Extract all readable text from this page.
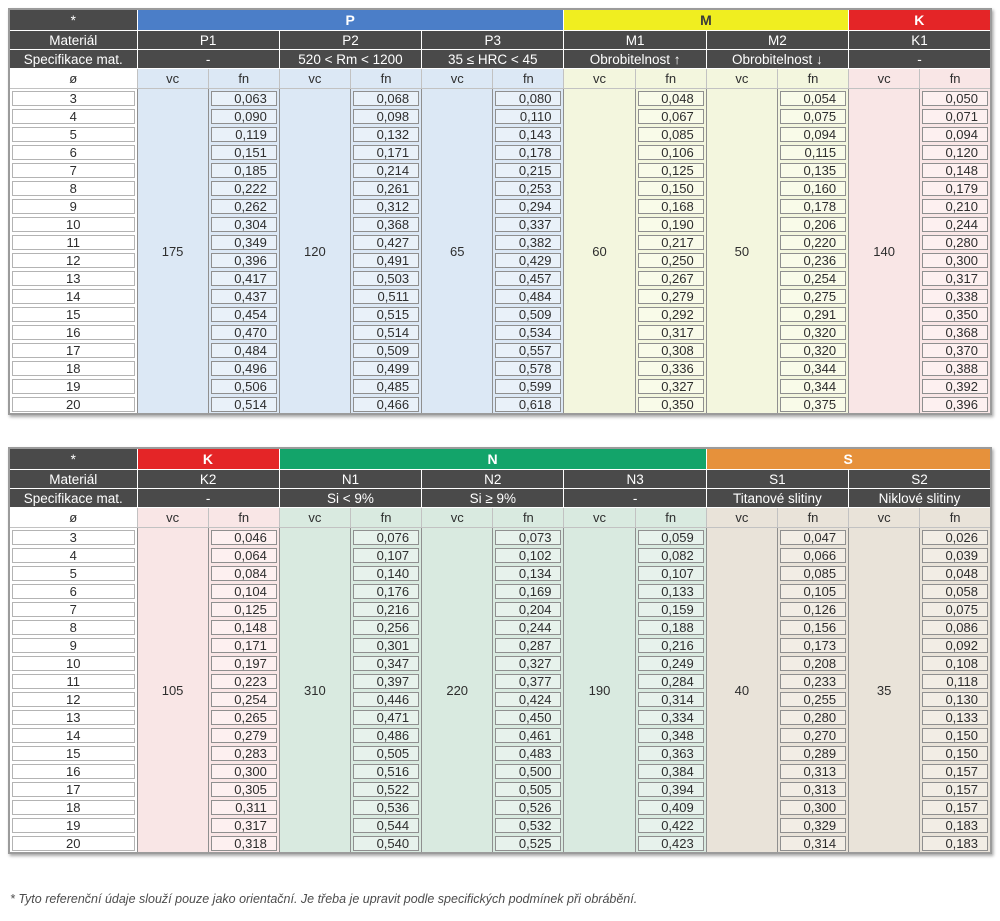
*	P						M				K	
Materiál	P1		P2		P3		M1		M2		K1	
Specifikace mat.	-		520 < Rm < 1200		35 ≤ HRC < 45		Obrobitelnost ↑		Obrobitelnost ↓		-	
ø	vc	fn	vc	fn	vc	fn	vc	fn	vc	fn	vc	fn

3	175	0,063	120	0,068	65	0,080	60	0,048	50	0,054	140	0,050

4		0,090		0,098		0,110		0,067		0,075		0,071

5		0,119		0,132		0,143		0,085		0,094		0,094

6		0,151		0,171		0,178		0,106		0,115		0,120

7		0,185		0,214		0,215		0,125		0,135		0,148

8		0,222		0,261		0,253		0,150		0,160		0,179

9		0,262		0,312		0,294		0,168		0,178		0,210

10		0,304		0,368		0,337		0,190		0,206		0,244

11		0,349		0,427		0,382		0,217		0,220		0,280

12		0,396		0,491		0,429		0,250		0,236		0,300

13		0,417		0,503		0,457		0,267		0,254		0,317

14		0,437		0,511		0,484		0,279		0,275		0,338

15		0,454		0,515		0,509		0,292		0,291		0,350

16		0,470		0,514		0,534		0,317		0,320		0,368

17		0,484		0,509		0,557		0,308		0,320		0,370

18		0,496		0,499		0,578		0,336		0,344		0,388

19		0,506		0,485		0,599		0,327		0,344		0,392

20		0,514		0,466		0,618		0,350		0,375		0,396
*	K		N						S			
Materiál	K2		N1		N2		N3		S1		S2	
Specifikace mat.	-		Si < 9%		Si ≥ 9%		-		Titanové slitiny		Niklové slitiny	
ø	vc	fn	vc	fn	vc	fn	vc	fn	vc	fn	vc	fn

3	105	0,046	310	0,076	220	0,073	190	0,059	40	0,047	35	0,026

4		0,064		0,107		0,102		0,082		0,066		0,039

5		0,084		0,140		0,134		0,107		0,085		0,048

6		0,104		0,176		0,169		0,133		0,105		0,058

7		0,125		0,216		0,204		0,159		0,126		0,075

8		0,148		0,256		0,244		0,188		0,156		0,086

9		0,171		0,301		0,287		0,216		0,173		0,092

10		0,197		0,347		0,327		0,249		0,208		0,108

11		0,223		0,397		0,377		0,284		0,233		0,118

12		0,254		0,446		0,424		0,314		0,255		0,130

13		0,265		0,471		0,450		0,334		0,280		0,133

14		0,279		0,486		0,461		0,348		0,270		0,150

15		0,283		0,505		0,483		0,363		0,289		0,150

16		0,300		0,516		0,500		0,384		0,313		0,157

17		0,305		0,522		0,505		0,394		0,313		0,157

18		0,311		0,536		0,526		0,409		0,300		0,157

19		0,317		0,544		0,532		0,422		0,329		0,183

20		0,318		0,540		0,525		0,423		0,314		0,183
* Tyto referenční údaje slouží pouze jako orientační. Je třeba je upravit podle specifických podmínek při obrábění.
